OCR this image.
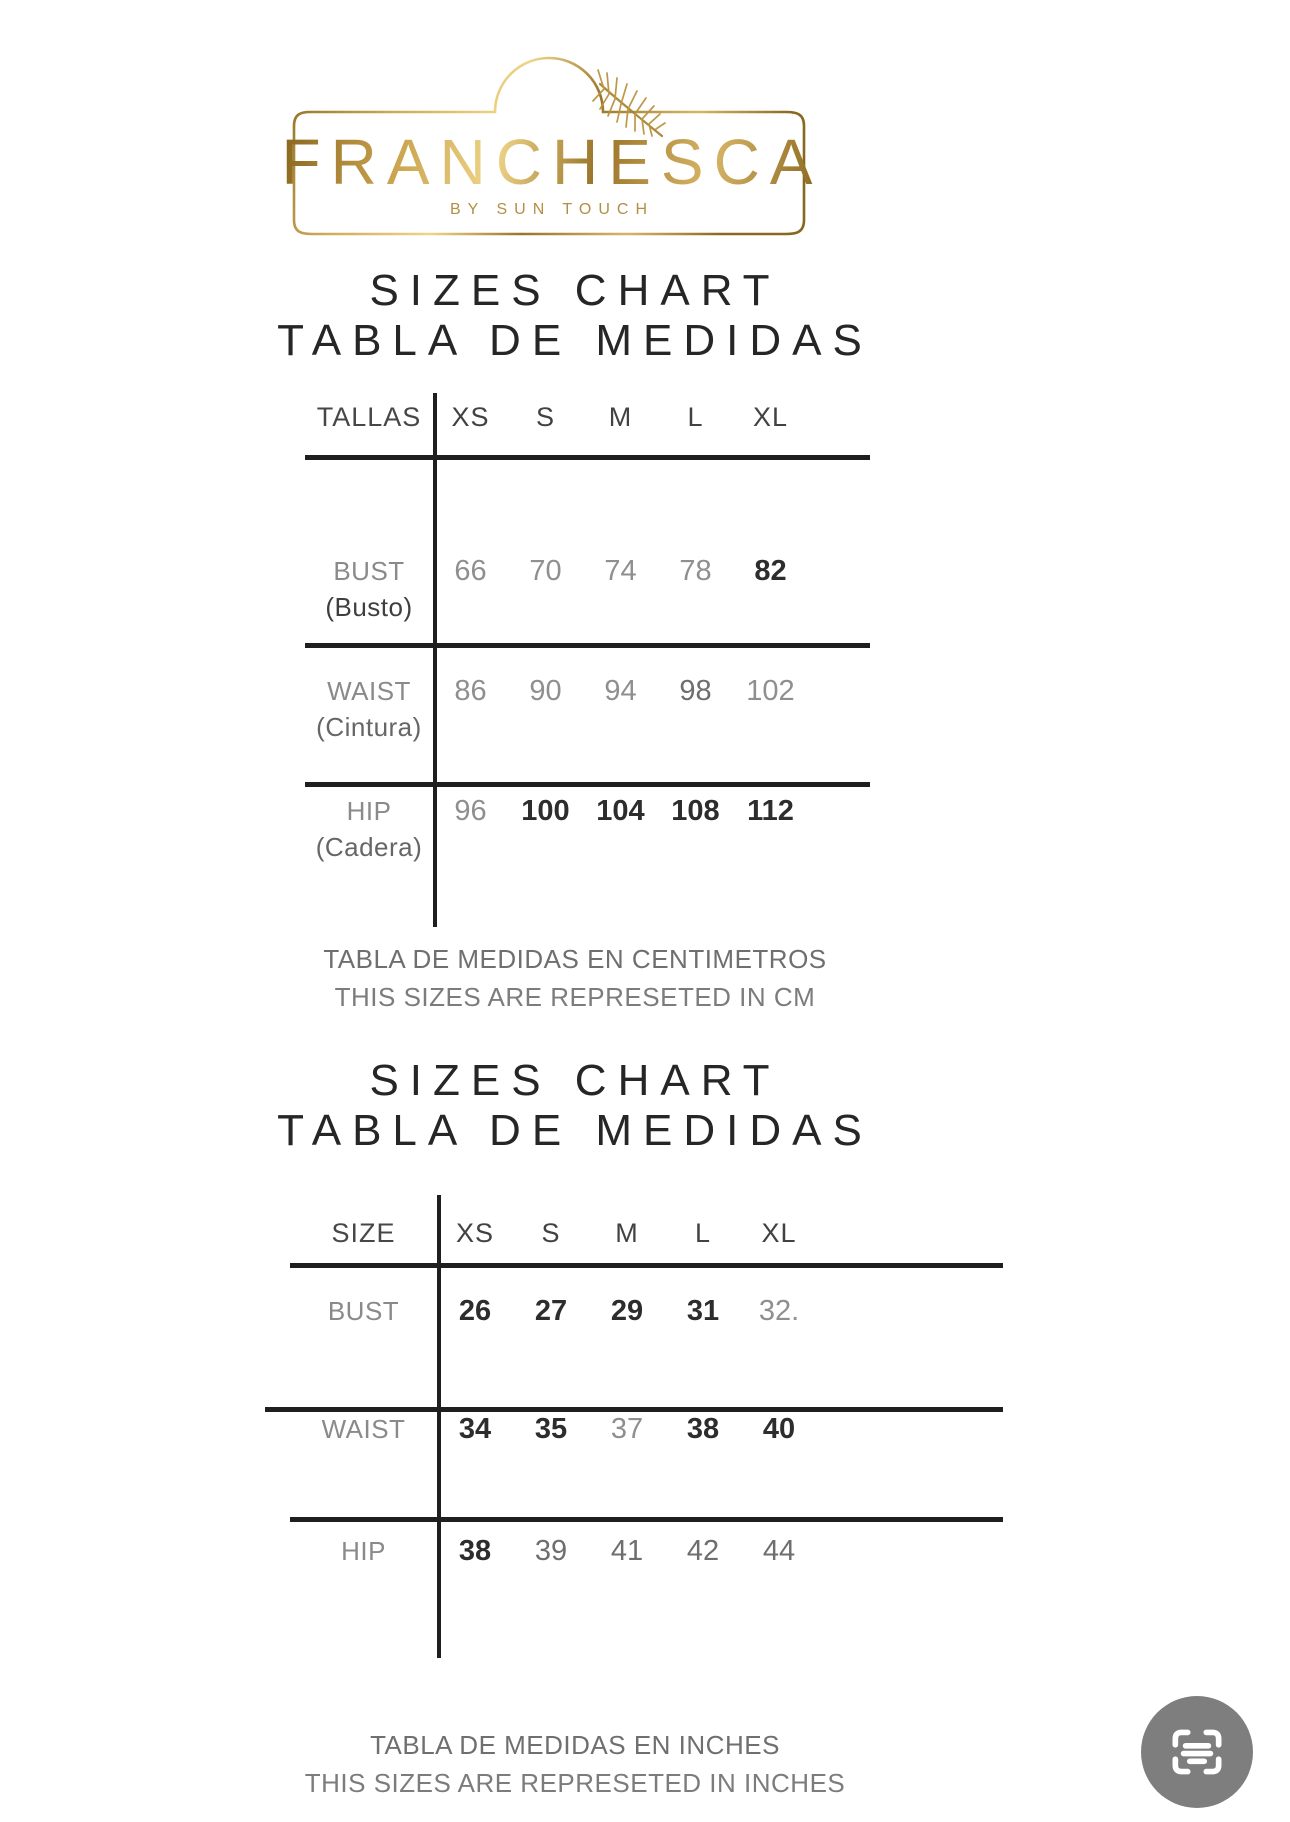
FRANCHESCA
BY SUN TOUCH
SIZES CHART
TABLA DE MEDIDAS
TALLAS	XS	S	M	L	XL
BUST
(Busto)
66	70	74	78	82
WAIST
(Cintura)
86	90	94	98	102
HIP
(Cadera)
96	100 104 108 112
TABLA DE MEDIDAS EN CENTIMETROS
THIS SIZES ARE REPRESETED IN CM
SIZES CHART
TABLA DE MEDIDAS
SIZE	XS	S	M	L	XL
BUST	26	27	29	31	32.
WAIST	34	35	37	38	40
HIP	38	39	41	42	44
TABLA DE MEDIDAS EN INCHES
THIS SIZES ARE REPRESETED IN INCHES
